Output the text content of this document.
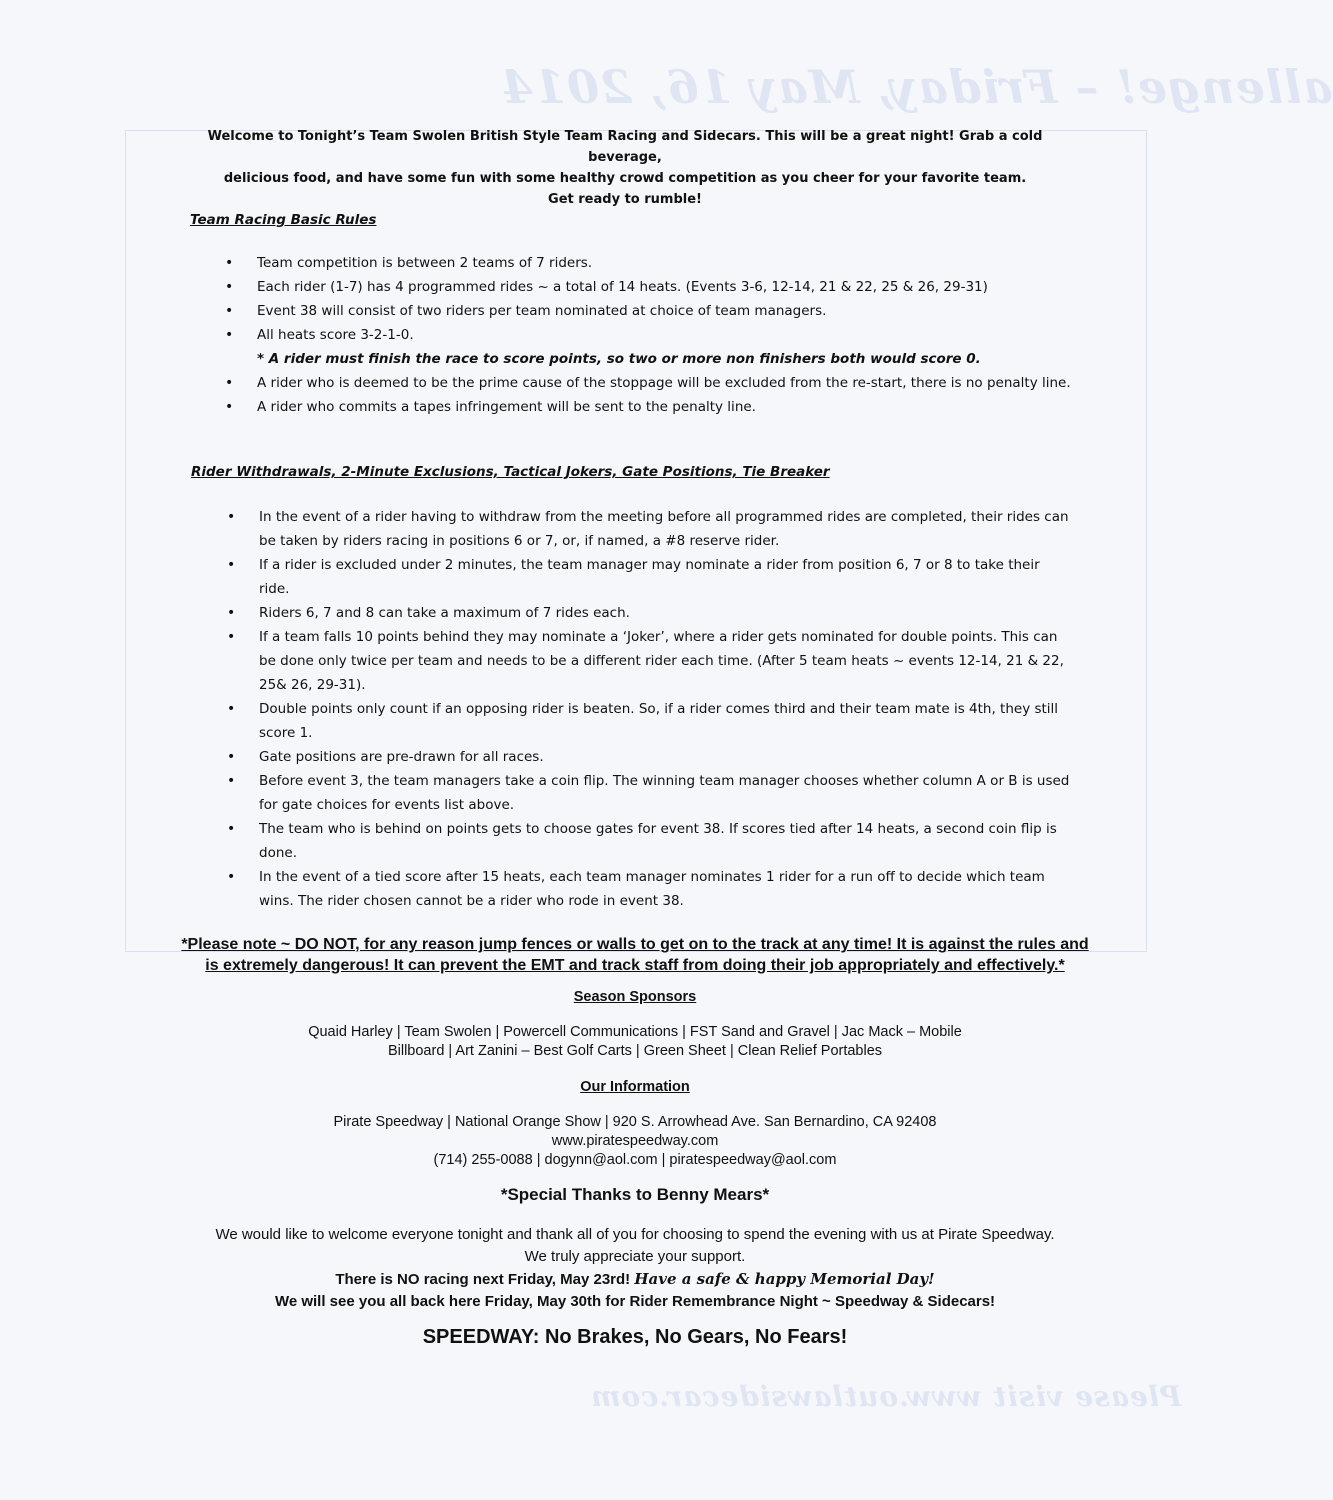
allenge! – Friday, May 16, 2014
Welcome to Tonight’s Team Swolen British Style Team Racing and Sidecars. This will be a great night! Grab a cold beverage,
delicious food, and have some fun with some healthy crowd competition as you cheer for your favorite team.
Get ready to rumble!
Team Racing Basic Rules
• Team competition is between 2 teams of 7 riders.
• Each rider (1-7) has 4 programmed rides ~ a total of 14 heats. (Events 3-6, 12-14, 21 & 22, 25 & 26, 29-31)
• Event 38 will consist of two riders per team nominated at choice of team managers.
• All heats score 3-2-1-0.
* A rider must finish the race to score points, so two or more non finishers both would score 0.
• A rider who is deemed to be the prime cause of the stoppage will be excluded from the re-start, there is no penalty line.
• A rider who commits a tapes infringement will be sent to the penalty line.
Rider Withdrawals, 2-Minute Exclusions, Tactical Jokers, Gate Positions, Tie Breaker
• In the event of a rider having to withdraw from the meeting before all programmed rides are completed, their rides can be taken by riders racing in positions 6 or 7, or, if named, a #8 reserve rider.
• If a rider is excluded under 2 minutes, the team manager may nominate a rider from position 6, 7 or 8 to take their ride.
• Riders 6, 7 and 8 can take a maximum of 7 rides each.
• If a team falls 10 points behind they may nominate a ‘Joker’, where a rider gets nominated for double points. This can be done only twice per team and needs to be a different rider each time. (After 5 team heats ~ events 12-14, 21 & 22, 25& 26, 29-31).
• Double points only count if an opposing rider is beaten. So, if a rider comes third and their team mate is 4th, they still score 1.
• Gate positions are pre-drawn for all races.
• Before event 3, the team managers take a coin flip. The winning team manager chooses whether column A or B is used for gate choices for events list above.
• The team who is behind on points gets to choose gates for event 38. If scores tied after 14 heats, a second coin flip is done.
• In the event of a tied score after 15 heats, each team manager nominates 1 rider for a run off to decide which team wins. The rider chosen cannot be a rider who rode in event 38.
*Please note ~ DO NOT, for any reason jump fences or walls to get on to the track at any time! It is against the rules and
is extremely dangerous! It can prevent the EMT and track staff from doing their job appropriately and effectively.*
Season Sponsors
Quaid Harley | Team Swolen | Powercell Communications | FST Sand and Gravel | Jac Mack – Mobile
Billboard | Art Zanini – Best Golf Carts | Green Sheet | Clean Relief Portables
Our Information
Pirate Speedway | National Orange Show | 920 S. Arrowhead Ave. San Bernardino, CA 92408
www.piratespeedway.com
(714) 255-0088 | dogynn@aol.com | piratespeedway@aol.com
*Special Thanks to Benny Mears*
We would like to welcome everyone tonight and thank all of you for choosing to spend the evening with us at Pirate Speedway.
We truly appreciate your support.
There is NO racing next Friday, May 23rd! Have a safe & happy Memorial Day!
We will see you all back here Friday, May 30th for Rider Remembrance Night ~ Speedway & Sidecars!
SPEEDWAY: No Brakes, No Gears, No Fears!
Please visit www.outlawsidecar.com
